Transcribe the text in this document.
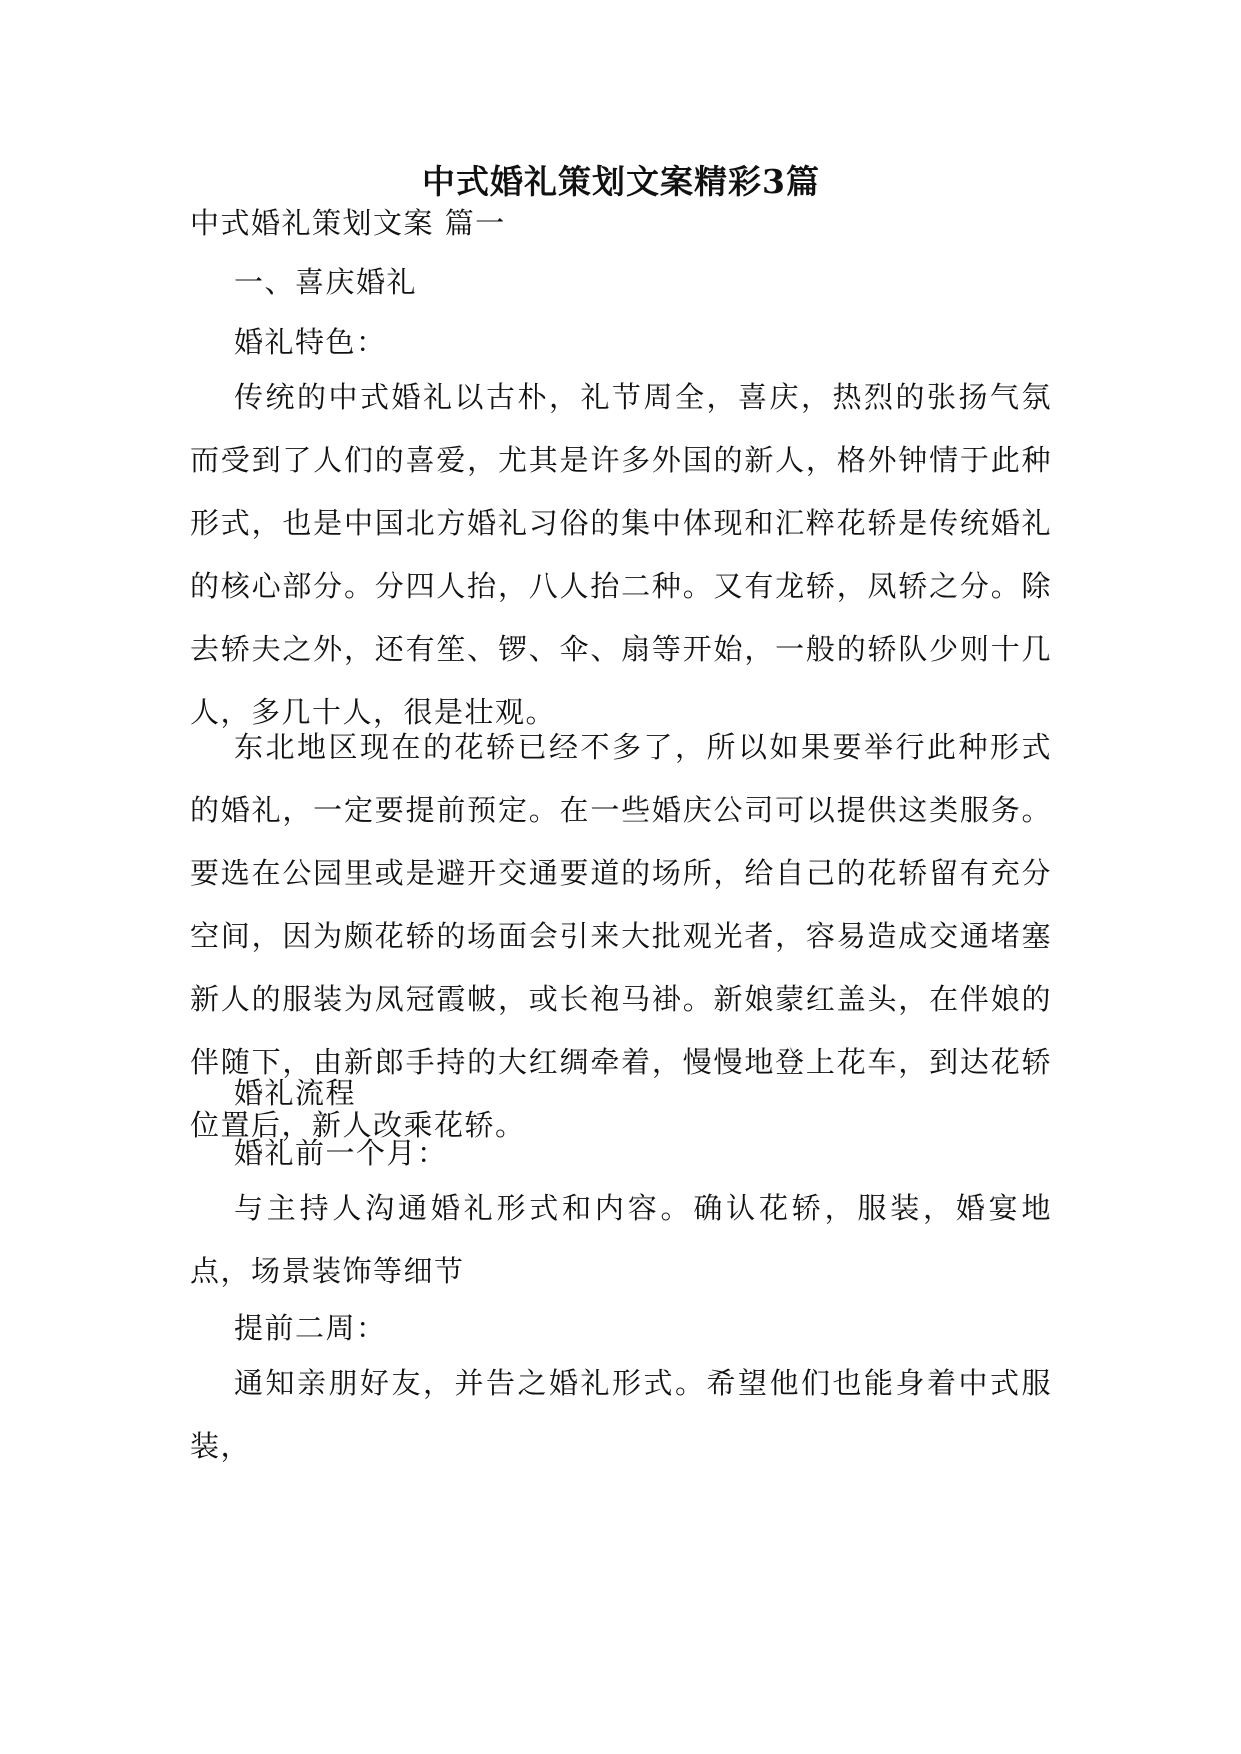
中式婚礼策划文案精彩3篇
中式婚礼策划文案 篇一
一、喜庆婚礼
婚礼特色：
传统的中式婚礼以古朴，礼节周全，喜庆，热烈的张扬气氛而受到了人们的喜爱，尤其是许多外国的新人，格外钟情于此种形式，也是中国北方婚礼习俗的集中体现和汇粹花轿是传统婚礼的核心部分。分四人抬，八人抬二种。又有龙轿，凤轿之分。除去轿夫之外，还有笙、锣、伞、扇等开始，一般的轿队少则十几人，多几十人，很是壮观。
东北地区现在的花轿已经不多了，所以如果要举行此种形式的婚礼，一定要提前预定。在一些婚庆公司可以提供这类服务。要选在公园里或是避开交通要道的场所，给自己的花轿留有充分空间，因为颇花轿的场面会引来大批观光者，容易造成交通堵塞新人的服装为凤冠霞帔，或长袍马褂。新娘蒙红盖头，在伴娘的伴随下，由新郎手持的大红绸牵着，慢慢地登上花车，到达花轿位置后，新人改乘花轿。
婚礼流程
婚礼前一个月：
与主持人沟通婚礼形式和内容。确认花轿，服装，婚宴地点，场景装饰等细节
提前二周：
通知亲朋好友，并告之婚礼形式。希望他们也能身着中式服装，
